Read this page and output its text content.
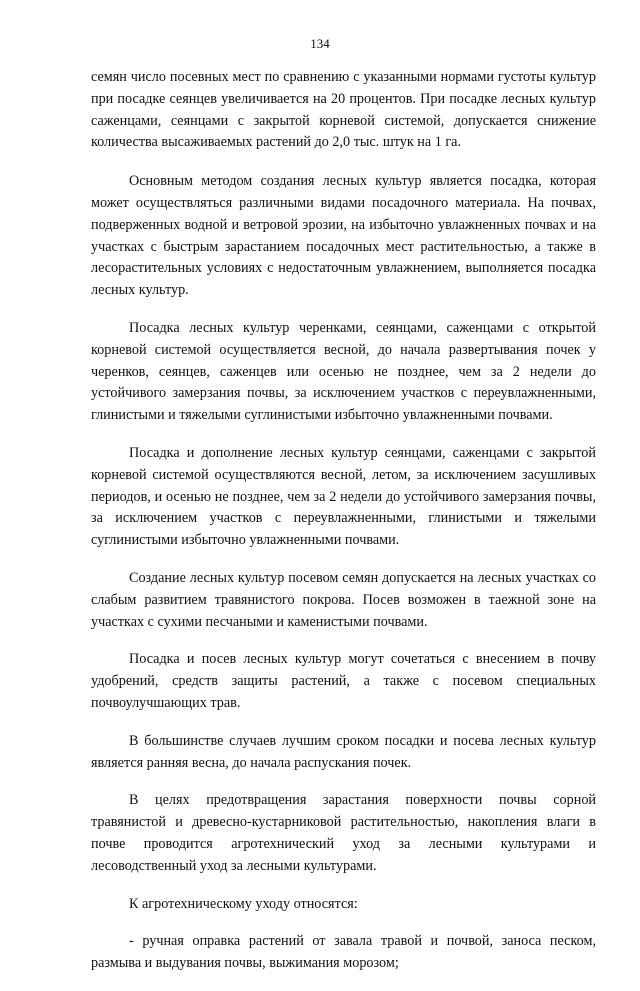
134

семян число посевных мест по сравнению с указанными нормами густоты культур при посадке сеянцев увеличивается на 20 процентов. При посадке лесных культур саженцами, сеянцами с закрытой корневой системой, допускается снижение количества высаживаемых растений до 2,0 тыс. штук на 1 га.

Основным методом создания лесных культур является посадка, которая может осуществляться различными видами посадочного материала. На почвах, подверженных водной и ветровой эрозии, на избыточно увлажненных почвах и на участках с быстрым зарастанием посадочных мест растительностью, а также в лесорастительных условиях с недостаточным увлажнением, выполняется посадка лесных культур.

Посадка лесных культур черенками, сеянцами, саженцами с открытой корневой системой осуществляется весной, до начала развертывания почек у черенков, сеянцев, саженцев или осенью не позднее, чем за 2 недели до устойчивого замерзания почвы, за исключением участков с переувлажненными, глинистыми и тяжелыми суглинистыми избыточно увлажненными почвами.

Посадка и дополнение лесных культур сеянцами, саженцами с закрытой корневой системой осуществляются весной, летом, за исключением засушливых периодов, и осенью не позднее, чем за 2 недели до устойчивого замерзания почвы, за исключением участков с переувлажненными, глинистыми и тяжелыми суглинистыми избыточно увлажненными почвами.

Создание лесных культур посевом семян допускается на лесных участках со слабым развитием травянистого покрова. Посев возможен в таежной зоне на участках с сухими песчаными и каменистыми почвами.

Посадка и посев лесных культур могут сочетаться с внесением в почву удобрений, средств защиты растений, а также с посевом специальных почвоулучшающих трав.

В большинстве случаев лучшим сроком посадки и посева лесных культур является ранняя весна, до начала распускания почек.

В целях предотвращения зарастания поверхности почвы сорной травянистой и древесно-кустарниковой растительностью, накопления влаги в почве проводится агротехнический уход за лесными культурами и лесоводственный уход за лесными культурами.

К агротехническому уходу относятся:

- ручная оправка растений от завала травой и почвой, заноса песком, размыва и выдувания почвы, выжимания морозом;
